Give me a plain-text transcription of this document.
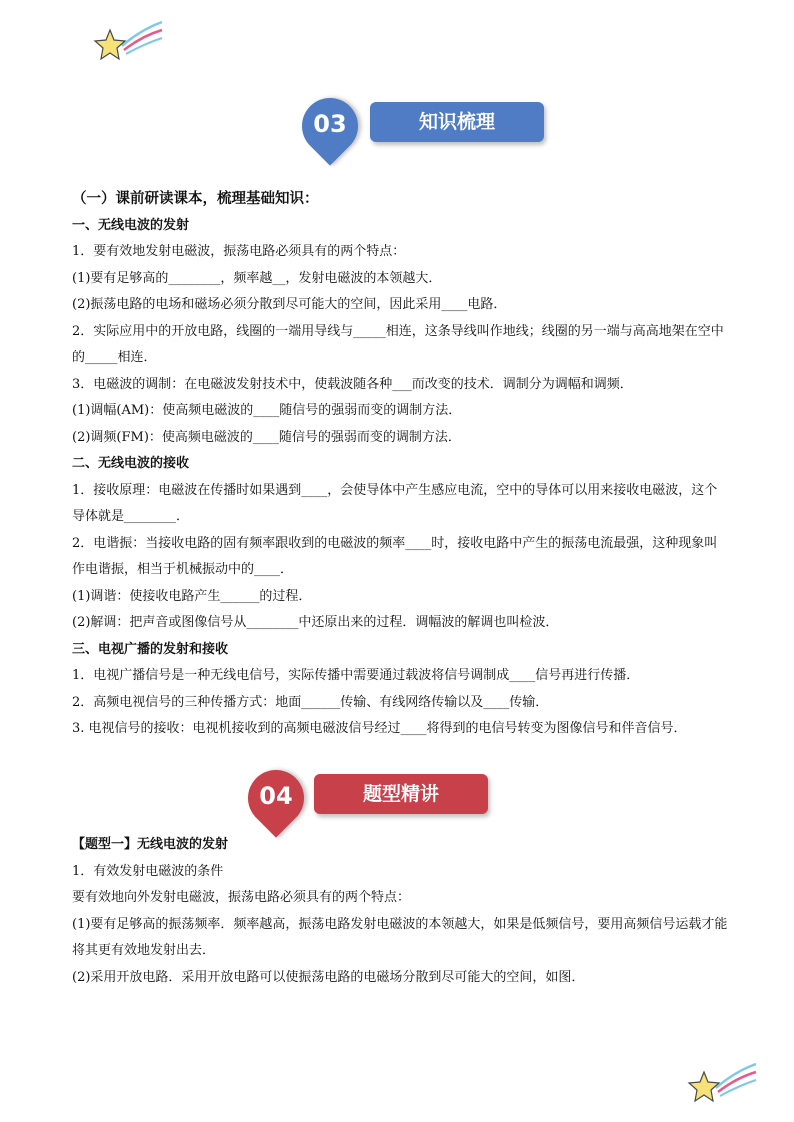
03	知识梳理

（一）课前研读课本，梳理基础知识：

一、无线电波的发射

1．要有效地发射电磁波，振荡电路必须具有的两个特点：

(1)要有足够高的________，频率越__，发射电磁波的本领越大．

(2)振荡电路的电场和磁场必须分散到尽可能大的空间，因此采用____电路．

2．实际应用中的开放电路，线圈的一端用导线与_____相连，这条导线叫作地线；线圈的另一端与高高地架在空中的_____相连．

3．电磁波的调制：在电磁波发射技术中，使载波随各种___而改变的技术．调制分为调幅和调频．

(1)调幅(AM)：使高频电磁波的____随信号的强弱而变的调制方法．

(2)调频(FM)：使高频电磁波的____随信号的强弱而变的调制方法．

二、无线电波的接收

1．接收原理：电磁波在传播时如果遇到____，会使导体中产生感应电流，空中的导体可以用来接收电磁波，这个导体就是________．

2．电谐振：当接收电路的固有频率跟收到的电磁波的频率____时，接收电路中产生的振荡电流最强，这种现象叫作电谐振，相当于机械振动中的____．

(1)调谐：使接收电路产生______的过程．

(2)解调：把声音或图像信号从________中还原出来的过程．调幅波的解调也叫检波．

三、电视广播的发射和接收

1．电视广播信号是一种无线电信号，实际传播中需要通过载波将信号调制成____信号再进行传播．

2．高频电视信号的三种传播方式：地面______传输、有线网络传输以及____传输．

3. 电视信号的接收：电视机接收到的高频电磁波信号经过____将得到的电信号转变为图像信号和伴音信号．

04	题型精讲

【题型一】无线电波的发射

1．有效发射电磁波的条件

要有效地向外发射电磁波，振荡电路必须具有的两个特点：

(1)要有足够高的振荡频率．频率越高，振荡电路发射电磁波的本领越大，如果是低频信号，要用高频信号运载才能将其更有效地发射出去．

(2)采用开放电路．采用开放电路可以使振荡电路的电磁场分散到尽可能大的空间，如图．
